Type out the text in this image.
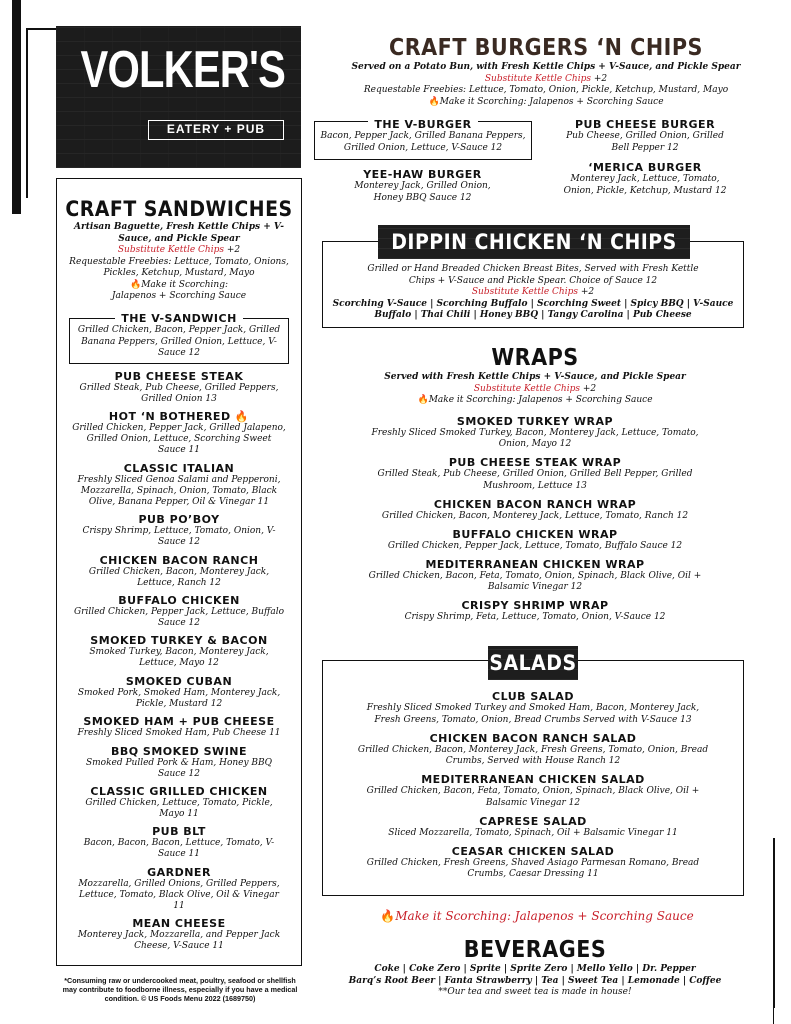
VOLKER'S
EATERY + PUB
CRAFT BURGERS ‘N CHIPS
Served on a Potato Bun, with Fresh Kettle Chips + V-Sauce, and Pickle Spear
Substitute Kettle Chips +2
Requestable Freebies: Lettuce, Tomato, Onion, Pickle, Ketchup, Mustard, Mayo
🔥Make it Scorching: Jalapenos + Scorching Sauce
THE V-BURGER
Bacon, Pepper Jack, Grilled Banana Peppers, Grilled Onion, Lettuce, V-Sauce 12
PUB CHEESE BURGER
Pub Cheese, Grilled Onion, Grilled Bell Pepper 12
YEE-HAW BURGER
Monterey Jack, Grilled Onion, Honey BBQ Sauce 12
‘MERICA BURGER
Monterey Jack, Lettuce, Tomato, Onion, Pickle, Ketchup, Mustard 12
DIPPIN CHICKEN ‘N CHIPS
Grilled or Hand Breaded Chicken Breast Bites, Served with Fresh Kettle Chips + V-Sauce and Pickle Spear. Choice of Sauce 12
Substitute Kettle Chips +2
Scorching V-Sauce | Scorching Buffalo | Scorching Sweet | Spicy BBQ | V-Sauce
Buffalo | Thai Chili | Honey BBQ | Tangy Carolina | Pub Cheese
WRAPS
Served with Fresh Kettle Chips + V-Sauce, and Pickle Spear
Substitute Kettle Chips +2
🔥Make it Scorching: Jalapenos + Scorching Sauce
SMOKED TURKEY WRAP
Freshly Sliced Smoked Turkey, Bacon, Monterey Jack, Lettuce, Tomato, Onion, Mayo 12
PUB CHEESE STEAK WRAP
Grilled Steak, Pub Cheese, Grilled Onion, Grilled Bell Pepper, Grilled Mushroom, Lettuce 13
CHICKEN BACON RANCH WRAP
Grilled Chicken, Bacon, Monterey Jack, Lettuce, Tomato, Ranch 12
BUFFALO CHICKEN WRAP
Grilled Chicken, Pepper Jack, Lettuce, Tomato, Buffalo Sauce 12
MEDITERRANEAN CHICKEN WRAP
Grilled Chicken, Bacon, Feta, Tomato, Onion, Spinach, Black Olive, Oil + Balsamic Vinegar 12
CRISPY SHRIMP WRAP
Crispy Shrimp, Feta, Lettuce, Tomato, Onion, V-Sauce 12
SALADS
CLUB SALAD
Freshly Sliced Smoked Turkey and Smoked Ham, Bacon, Monterey Jack, Fresh Greens, Tomato, Onion, Bread Crumbs Served with V-Sauce 13
CHICKEN BACON RANCH SALAD
Grilled Chicken, Bacon, Monterey Jack, Fresh Greens, Tomato, Onion, Bread Crumbs, Served with House Ranch 12
MEDITERRANEAN CHICKEN SALAD
Grilled Chicken, Bacon, Feta, Tomato, Onion, Spinach, Black Olive, Oil + Balsamic Vinegar 12
CAPRESE SALAD
Sliced Mozzarella, Tomato, Spinach, Oil + Balsamic Vinegar 11
CEASAR CHICKEN SALAD
Grilled Chicken, Fresh Greens, Shaved Asiago Parmesan Romano, Bread Crumbs, Caesar Dressing 11
🔥Make it Scorching: Jalapenos + Scorching Sauce
BEVERAGES
Coke | Coke Zero | Sprite | Sprite Zero | Mello Yello | Dr. Pepper
Barq’s Root Beer | Fanta Strawberry | Tea | Sweet Tea | Lemonade | Coffee
**Our tea and sweet tea is made in house!
CRAFT SANDWICHES
Artisan Baguette, Fresh Kettle Chips + V-Sauce, and Pickle Spear
Substitute Kettle Chips +2
Requestable Freebies: Lettuce, Tomato, Onions, Pickles, Ketchup, Mustard, Mayo
🔥Make it Scorching:
Jalapenos + Scorching Sauce
THE V-SANDWICH
Grilled Chicken, Bacon, Pepper Jack, Grilled Banana Peppers, Grilled Onion, Lettuce, V-Sauce 12
PUB CHEESE STEAK
Grilled Steak, Pub Cheese, Grilled Peppers, Grilled Onion 13
HOT ‘N BOTHERED 🔥
Grilled Chicken, Pepper Jack, Grilled Jalapeno, Grilled Onion, Lettuce, Scorching Sweet Sauce 11
CLASSIC ITALIAN
Freshly Sliced Genoa Salami and Pepperoni, Mozzarella, Spinach, Onion, Tomato, Black Olive, Banana Pepper, Oil & Vinegar 11
PUB PO’BOY
Crispy Shrimp, Lettuce, Tomato, Onion, V-Sauce 12
CHICKEN BACON RANCH
Grilled Chicken, Bacon, Monterey Jack, Lettuce, Ranch 12
BUFFALO CHICKEN
Grilled Chicken, Pepper Jack, Lettuce, Buffalo Sauce 12
SMOKED TURKEY & BACON
Smoked Turkey, Bacon, Monterey Jack, Lettuce, Mayo 12
SMOKED CUBAN
Smoked Pork, Smoked Ham, Monterey Jack, Pickle, Mustard 12
SMOKED HAM + PUB CHEESE
Freshly Sliced Smoked Ham, Pub Cheese 11
BBQ SMOKED SWINE
Smoked Pulled Pork & Ham, Honey BBQ Sauce 12
CLASSIC GRILLED CHICKEN
Grilled Chicken, Lettuce, Tomato, Pickle, Mayo 11
PUB BLT
Bacon, Bacon, Bacon, Lettuce, Tomato, V-Sauce 11
GARDNER
Mozzarella, Grilled Onions, Grilled Peppers, Lettuce, Tomato, Black Olive, Oil & Vinegar 11
MEAN CHEESE
Monterey Jack, Mozzarella, and Pepper Jack Cheese, V-Sauce 11
*Consuming raw or undercooked meat, poultry, seafood or shellfish may contribute to foodborne illness, especially if you have a medical condition. © US Foods Menu 2022 (1689750)
